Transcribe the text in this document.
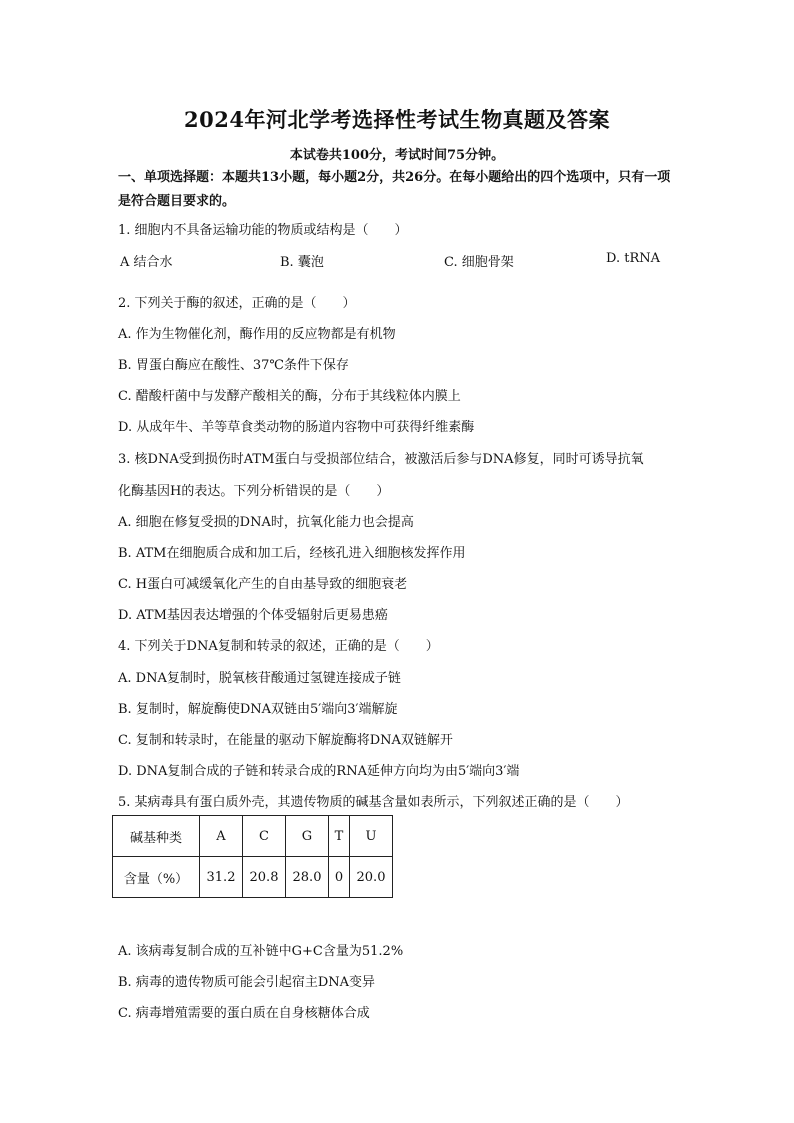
2024年河北学考选择性考试生物真题及答案
本试卷共100分，考试时间75分钟。
一、单项选择题：本题共13小题，每小题2分，共26分。在每小题给出的四个选项中，只有一项是符合题目要求的。
1. 细胞内不具备运输功能的物质或结构是（　　）
A 结合水	B. 囊泡	C. 细胞骨架	D. tRNA
2. 下列关于酶的叙述，正确的是（　　）
A. 作为生物催化剂，酶作用的反应物都是有机物
B. 胃蛋白酶应在酸性、37℃条件下保存
C. 醋酸杆菌中与发酵产酸相关的酶，分布于其线粒体内膜上
D. 从成年牛、羊等草食类动物的肠道内容物中可获得纤维素酶
3. 核DNA受到损伤时ATM蛋白与受损部位结合，被激活后参与DNA修复，同时可诱导抗氧
化酶基因H的表达。下列分析错误的是（　　）
A. 细胞在修复受损的DNA时，抗氧化能力也会提高
B. ATM在细胞质合成和加工后，经核孔进入细胞核发挥作用
C. H蛋白可减缓氧化产生的自由基导致的细胞衰老
D. ATM基因表达增强的个体受辐射后更易患癌
4. 下列关于DNA复制和转录的叙述，正确的是（　　）
A. DNA复制时，脱氧核苷酸通过氢键连接成子链
B. 复制时，解旋酶使DNA双链由5′端向3′端解旋
C. 复制和转录时，在能量的驱动下解旋酶将DNA双链解开
D. DNA复制合成的子链和转录合成的RNA延伸方向均为由5′端向3′端
5. 某病毒具有蛋白质外壳，其遗传物质的碱基含量如表所示，下列叙述正确的是（　　）
碱基种类	A	C	G	T	U
含量（%）	31.2	20.8	28.0	0	20.0
A. 该病毒复制合成的互补链中G+C含量为51.2%
B. 病毒的遗传物质可能会引起宿主DNA变异
C. 病毒增殖需要的蛋白质在自身核糖体合成
